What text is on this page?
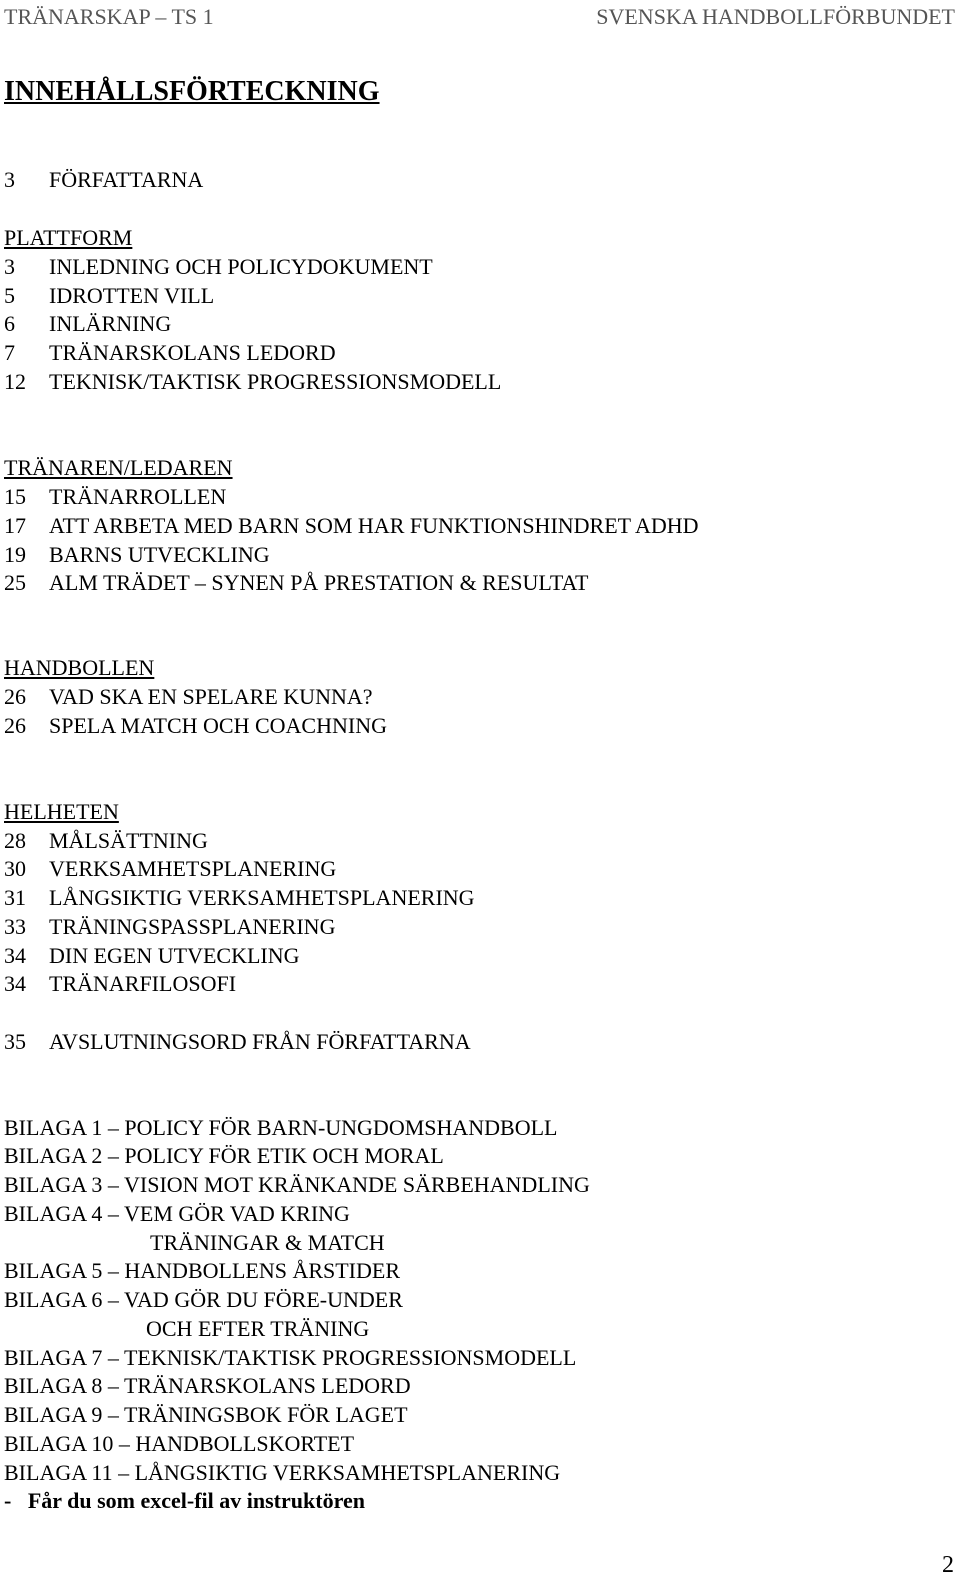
TRÄNARSKAP – TS 1	SVENSKA HANDBOLLFÖRBUNDET
INNEHÅLLSFÖRTECKNING
3 FÖRFATTARNA
PLATTFORM
3 INLEDNING OCH POLICYDOKUMENT
5 IDROTTEN VILL
6 INLÄRNING
7 TRÄNARSKOLANS LEDORD
12 TEKNISK/TAKTISK PROGRESSIONSMODELL
TRÄNAREN/LEDAREN
15 TRÄNARROLLEN
17 ATT ARBETA MED BARN SOM HAR FUNKTIONSHINDRET ADHD
19 BARNS UTVECKLING
25 ALM TRÄDET – SYNEN PÅ PRESTATION & RESULTAT
HANDBOLLEN
26 VAD SKA EN SPELARE KUNNA?
26 SPELA MATCH OCH COACHNING
HELHETEN
28 MÅLSÄTTNING
30 VERKSAMHETSPLANERING
31 LÅNGSIKTIG VERKSAMHETSPLANERING
33 TRÄNINGSPASSPLANERING
34 DIN EGEN UTVECKLING
34 TRÄNARFILOSOFI
35 AVSLUTNINGSORD FRÅN FÖRFATTARNA
BILAGA 1 – POLICY FÖR BARN-UNGDOMSHANDBOLL
BILAGA 2 – POLICY FÖR ETIK OCH MORAL
BILAGA 3 – VISION MOT KRÄNKANDE SÄRBEHANDLING
BILAGA 4 – VEM GÖR VAD KRING
TRÄNINGAR & MATCH
BILAGA 5 – HANDBOLLENS ÅRSTIDER
BILAGA 6 – VAD GÖR DU FÖRE-UNDER
OCH EFTER TRÄNING
BILAGA 7 – TEKNISK/TAKTISK PROGRESSIONSMODELL
BILAGA 8 – TRÄNARSKOLANS LEDORD
BILAGA 9 – TRÄNINGSBOK FÖR LAGET
BILAGA 10 – HANDBOLLSKORTET
BILAGA 11 – LÅNGSIKTIG VERKSAMHETSPLANERING
-   Får du som excel-fil av instruktören
2
